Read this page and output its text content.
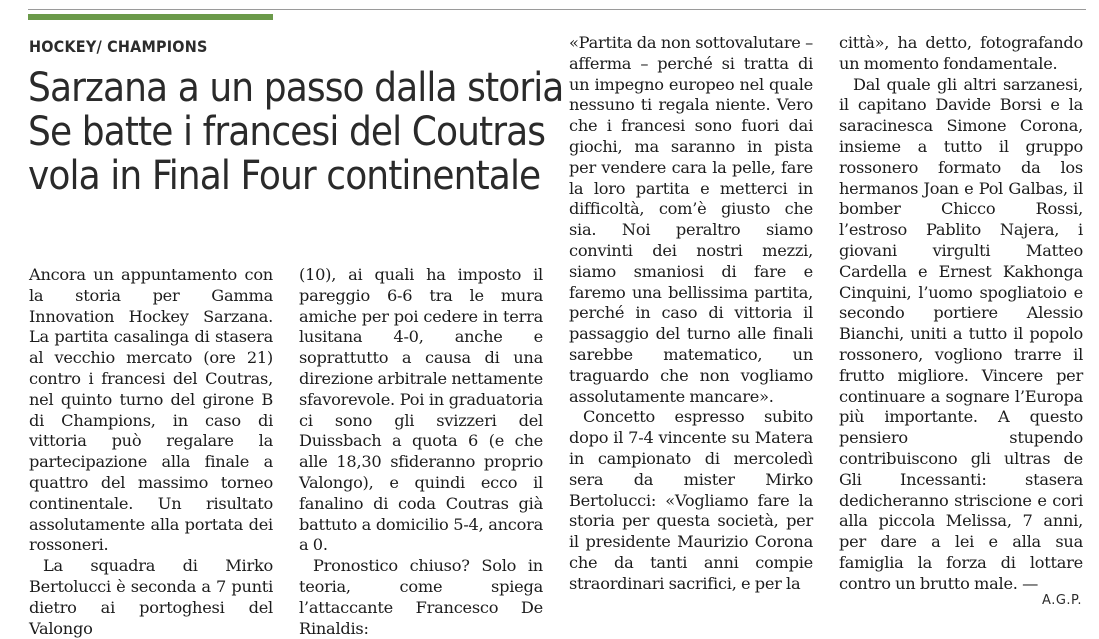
HOCKEY/ CHAMPIONS
Sarzana a un passo dalla storia
Se batte i francesi del Coutras
vola in Final Four continentale

Ancora un appuntamento con la storia per Gamma Innovation Hockey Sarzana. La partita casalinga di stasera al vecchio mercato (ore 21) contro i francesi del Coutras, nel quinto turno del girone B di Champions, in caso di vittoria può regalare la partecipazione alla finale a quattro del massimo torneo continentale. Un risultato assolutamente alla portata dei rossoneri.

La squadra di Mirko Bertolucci è seconda a 7 punti dietro ai portoghesi del Valongo

(10), ai quali ha imposto il pareggio 6-6 tra le mura amiche per poi cedere in terra lusitana 4-0, anche e soprattutto a causa di una direzione arbitrale nettamente sfavorevole. Poi in graduatoria ci sono gli svizzeri del Duissbach a quota 6 (e che alle 18,30 sfideranno proprio Valongo), e quindi ecco il fanalino di coda Coutras già battuto a domicilio 5-4, ancora a 0.

Pronostico chiuso? Solo in teoria, come spiega l’attaccante Francesco De Rinaldis:

«Partita da non sottovalutare – afferma – perché si tratta di un impegno europeo nel quale nessuno ti regala niente. Vero che i francesi sono fuori dai giochi, ma saranno in pista per vendere cara la pelle, fare la loro partita e metterci in difficoltà, com’è giusto che sia. Noi peraltro siamo convinti dei nostri mezzi, siamo smaniosi di fare e faremo una bellissima partita, perché in caso di vittoria il passaggio del turno alle finali sarebbe matematico, un traguardo che non vogliamo assolutamente mancare».

Concetto espresso subito dopo il 7-4 vincente su Matera in campionato di mercoledì sera da mister Mirko Bertolucci: «Vogliamo fare la storia per questa società, per il presidente Maurizio Corona che da tanti anni compie straordinari sacrifici, e per la

città», ha detto, fotografando un momento fondamentale.

Dal quale gli altri sarzanesi, il capitano Davide Borsi e la saracinesca Simone Corona, insieme a tutto il gruppo rossonero formato da los hermanos Joan e Pol Galbas, il bomber Chicco Rossi, l’estroso Pablito Najera, i giovani virgulti Matteo Cardella e Ernest Kakhonga Cinquini, l’uomo spogliatoio e secondo portiere Alessio Bianchi, uniti a tutto il popolo rossonero, vogliono trarre il frutto migliore. Vincere per continuare a sognare l’Europa più importante. A questo pensiero stupendo contribuiscono gli ultras de Gli Incessanti: stasera dedicheranno striscione e cori alla piccola Melissa, 7 anni, per dare a lei e alla sua famiglia la forza di lottare contro un brutto male. —

A.G.P.
